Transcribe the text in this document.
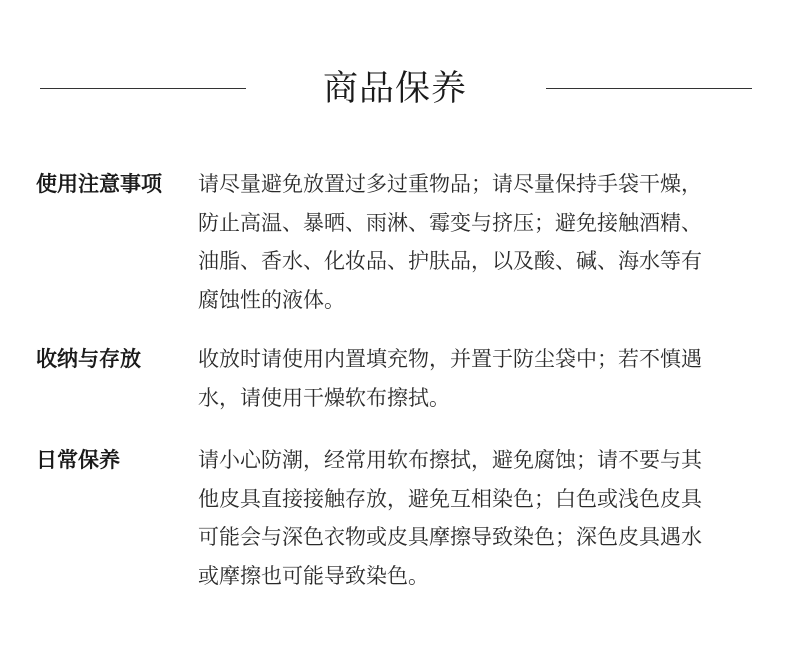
商品保养
使用注意事项	请尽量避免放置过多过重物品；请尽量保持手袋干燥，
防止高温、暴晒、雨淋、霉变与挤压；避免接触酒精、
油脂、香水、化妆品、护肤品，以及酸、碱、海水等有
腐蚀性的液体。
收纳与存放	收放时请使用内置填充物，并置于防尘袋中；若不慎遇
水，请使用干燥软布擦拭。
日常保养	请小心防潮，经常用软布擦拭，避免腐蚀；请不要与其
他皮具直接接触存放，避免互相染色；白色或浅色皮具
可能会与深色衣物或皮具摩擦导致染色；深色皮具遇水
或摩擦也可能导致染色。
